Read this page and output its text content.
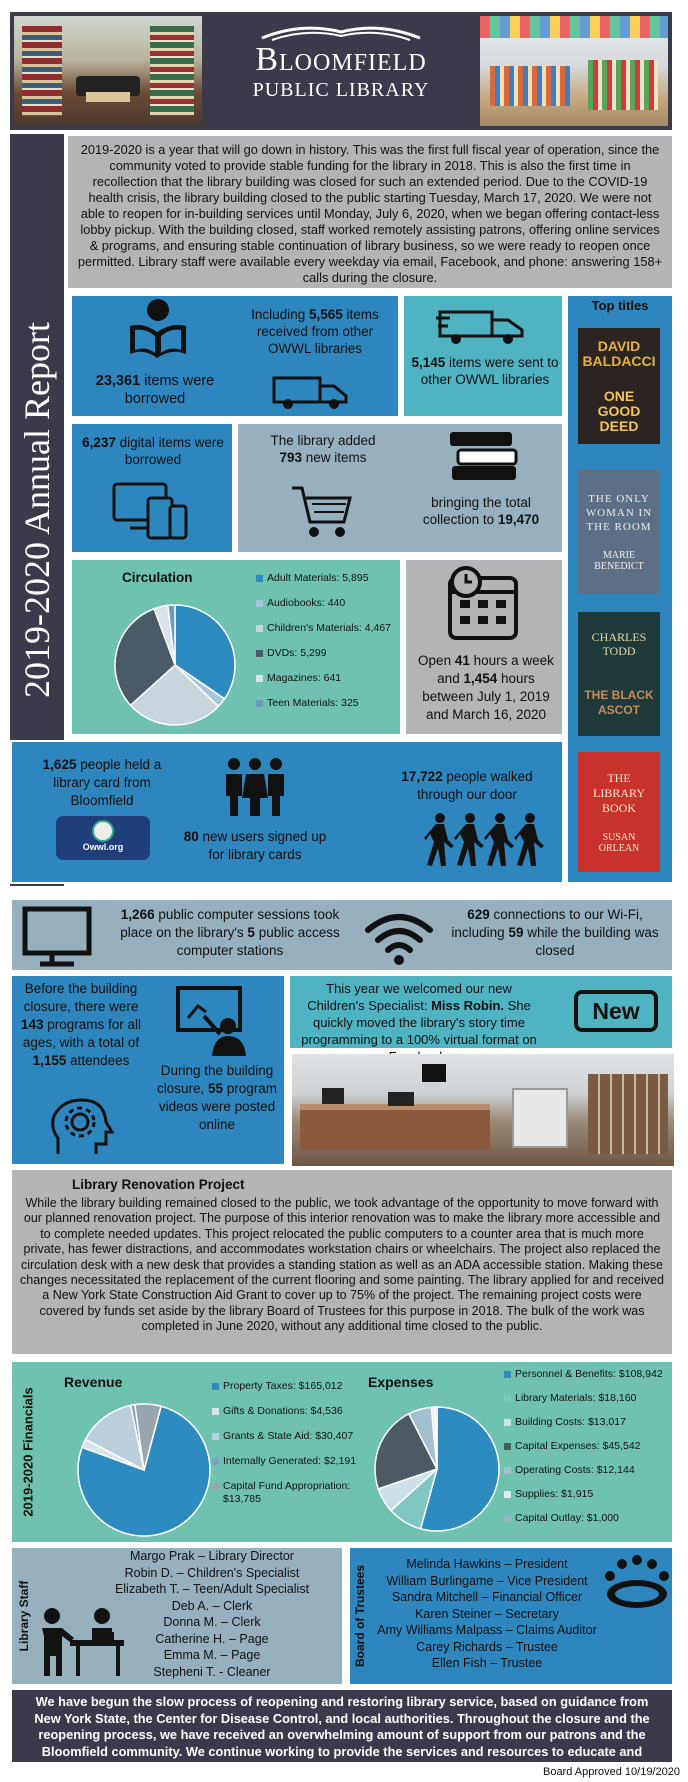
Bloomfield
PUBLIC LIBRARY
2019-2020 Annual Report
2019-2020 is a year that will go down in history. This was the first full fiscal year of operation, since the community voted to provide stable funding for the library in 2018. This is also the first time in recollection that the library building was closed for such an extended period. Due to the COVID-19 health crisis, the library building closed to the public starting Tuesday, March 17, 2020. We were not able to reopen for in-building services until Monday, July 6, 2020, when we began offering contact-less lobby pickup. With the building closed, staff worked remotely assisting patrons, offering online services & programs, and ensuring stable continuation of library business, so we were ready to reopen once permitted. Library staff were available every weekday via email, Facebook, and phone: answering 158+ calls during the closure.
23,361 items were borrowed
Including 5,565 items received from other OWWL libraries
5,145 items were sent to other OWWL libraries
6,237 digital items were borrowed
The library added
793 new items
bringing the total collection to 19,470
Circulation	Adult Materials: 5,895
Audiobooks: 440
Children's Materials: 4,467
DVDs: 5,299
Magazines: 641
Teen Materials: 325
Open 41 hours a week and 1,454 hours between July 1, 2019 and March 16, 2020
Top titles
DAVID BALDACCI
ONE GOOD DEED
THE ONLY WOMAN IN THE ROOM
MARIE BENEDICT
CHARLES TODD
THE BLACK ASCOT
THE LIBRARY BOOK
SUSAN ORLEAN
1,625 people held a library card from Bloomfield
Owwl.org
80 new users signed up for library cards
17,722 people walked through our door
1,266 public computer sessions took place on the library's 5 public access computer stations
629 connections to our Wi-Fi, including 59 while the building was closed
Before the building closure, there were 143 programs for all ages, with a total of 1,155 attendees
During the building closure, 55 program videos were posted online
This year we welcomed our new Children's Specialist: Miss Robin. She quickly moved the library's story time programming to a 100% virtual format on
New
Library Renovation Project
While the library building remained closed to the public, we took advantage of the opportunity to move forward with our planned renovation project. The purpose of this interior renovation was to make the library more accessible and to complete needed updates. This project relocated the public computers to a counter area that is much more private, has fewer distractions, and accommodates workstation chairs or wheelchairs. The project also replaced the circulation desk with a new desk that provides a standing station as well as an ADA accessible station. Making these changes necessitated the replacement of the current flooring and some painting. The library applied for and received a New York State Construction Aid Grant to cover up to 75% of the project. The remaining project costs were covered by funds set aside by the library Board of Trustees for this purpose in 2018. The bulk of the work was completed in June 2020, without any additional time closed to the public.
2019-2020 Financials
Revenue	Property Taxes: $165,012
Gifts & Donations: $4,536
Grants & State Aid: $30,407
Internally Generated: $2,191
Capital Fund Appropriation: $13,785
Expenses	Personnel & Benefits: $108,942
Library Materials: $18,160
Building Costs: $13,017
Capital Expenses: $45,542
Operating Costs: $12,144
Supplies: $1,915
Capital Outlay: $1,000
Library Staff
Margo Prak – Library Director
Robin D. – Children's Specialist
Elizabeth T. – Teen/Adult Specialist
Deb A. – Clerk
Donna M. – Clerk
Catherine H. – Page
Emma M. – Page
Stepheni T. - Cleaner
Board of Trustees
Melinda Hawkins – President
William Burlingame – Vice President
Sandra Mitchell – Financial Officer
Karen Steiner – Secretary
Amy Williams Malpass – Claims Auditor
Carey Richards – Trustee
Ellen Fish – Trustee
We have begun the slow process of reopening and restoring library service, based on guidance from New York State, the Center for Disease Control, and local authorities. Throughout the closure and the reopening process, we have received an overwhelming amount of support from our patrons and the Bloomfield community. We continue working to provide the services and resources to educate and enrich our community.	Board Approved 10/19/2020
